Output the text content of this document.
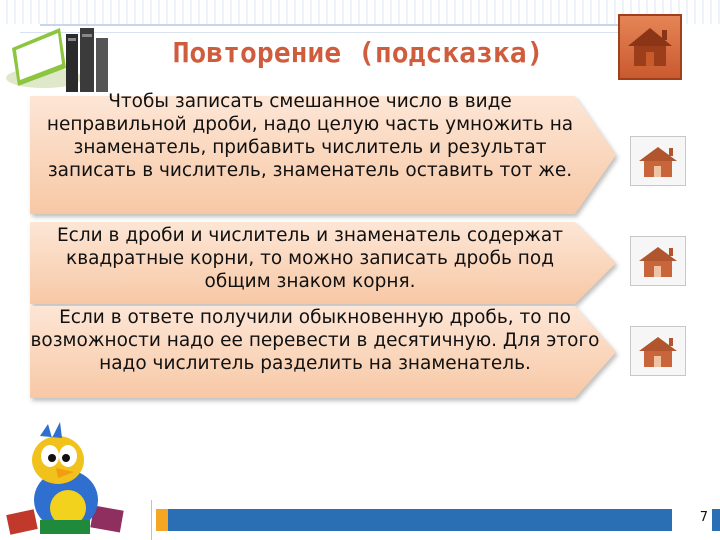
Повторение (подсказка)
Чтобы записать смешанное число в виде неправильной дроби, надо целую часть умножить на знаменатель, прибавить числитель и результат записать в числитель, знаменатель оставить тот же.
Если в дроби и числитель и знаменатель содержат квадратные корни, то можно записать дробь под общим знаком корня.
Если в ответе получили обыкновенную дробь, то по возможности надо ее перевести в десятичную. Для этого надо числитель разделить на знаменатель.
7
